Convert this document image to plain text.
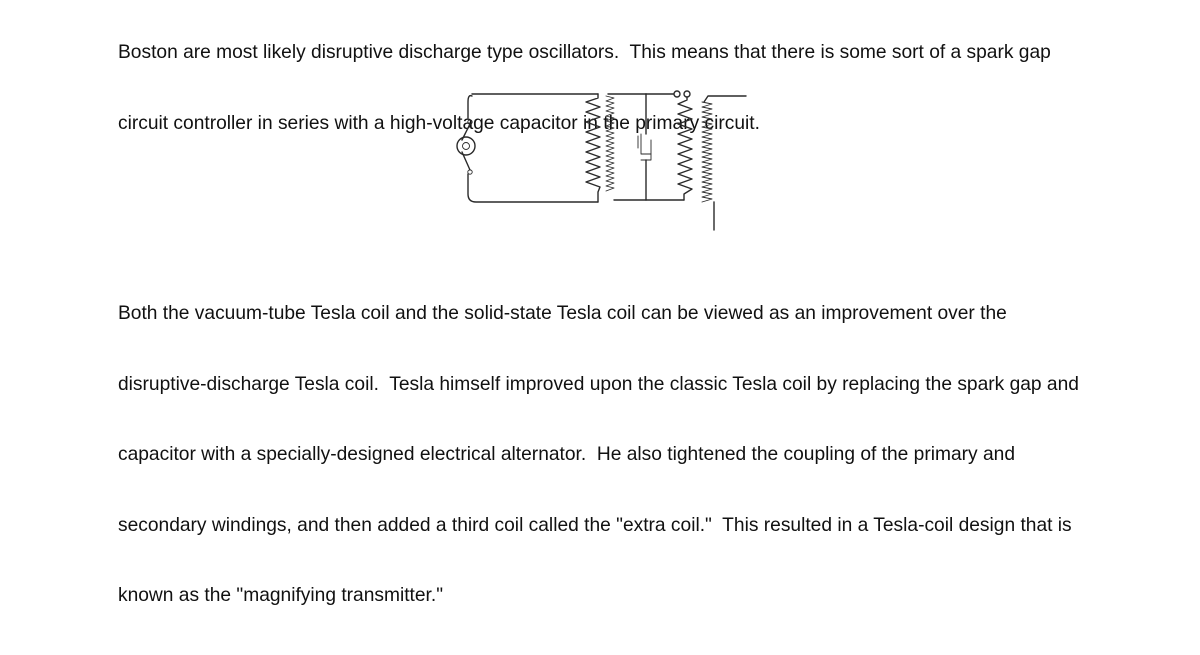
Boston are most likely disruptive discharge type oscillators.  This means that there is some sort of a spark gap

circuit controller in series with a high-voltage capacitor in the primary circuit.

Both the vacuum-tube Tesla coil and the solid-state Tesla coil can be viewed as an improvement over the

disruptive-discharge Tesla coil.  Tesla himself improved upon the classic Tesla coil by replacing the spark gap and

capacitor with a specially-designed electrical alternator.  He also tightened the coupling of the primary and

secondary windings, and then added a third coil called the "extra coil."  This resulted in a Tesla-coil design that is

known as the "magnifying transmitter."
